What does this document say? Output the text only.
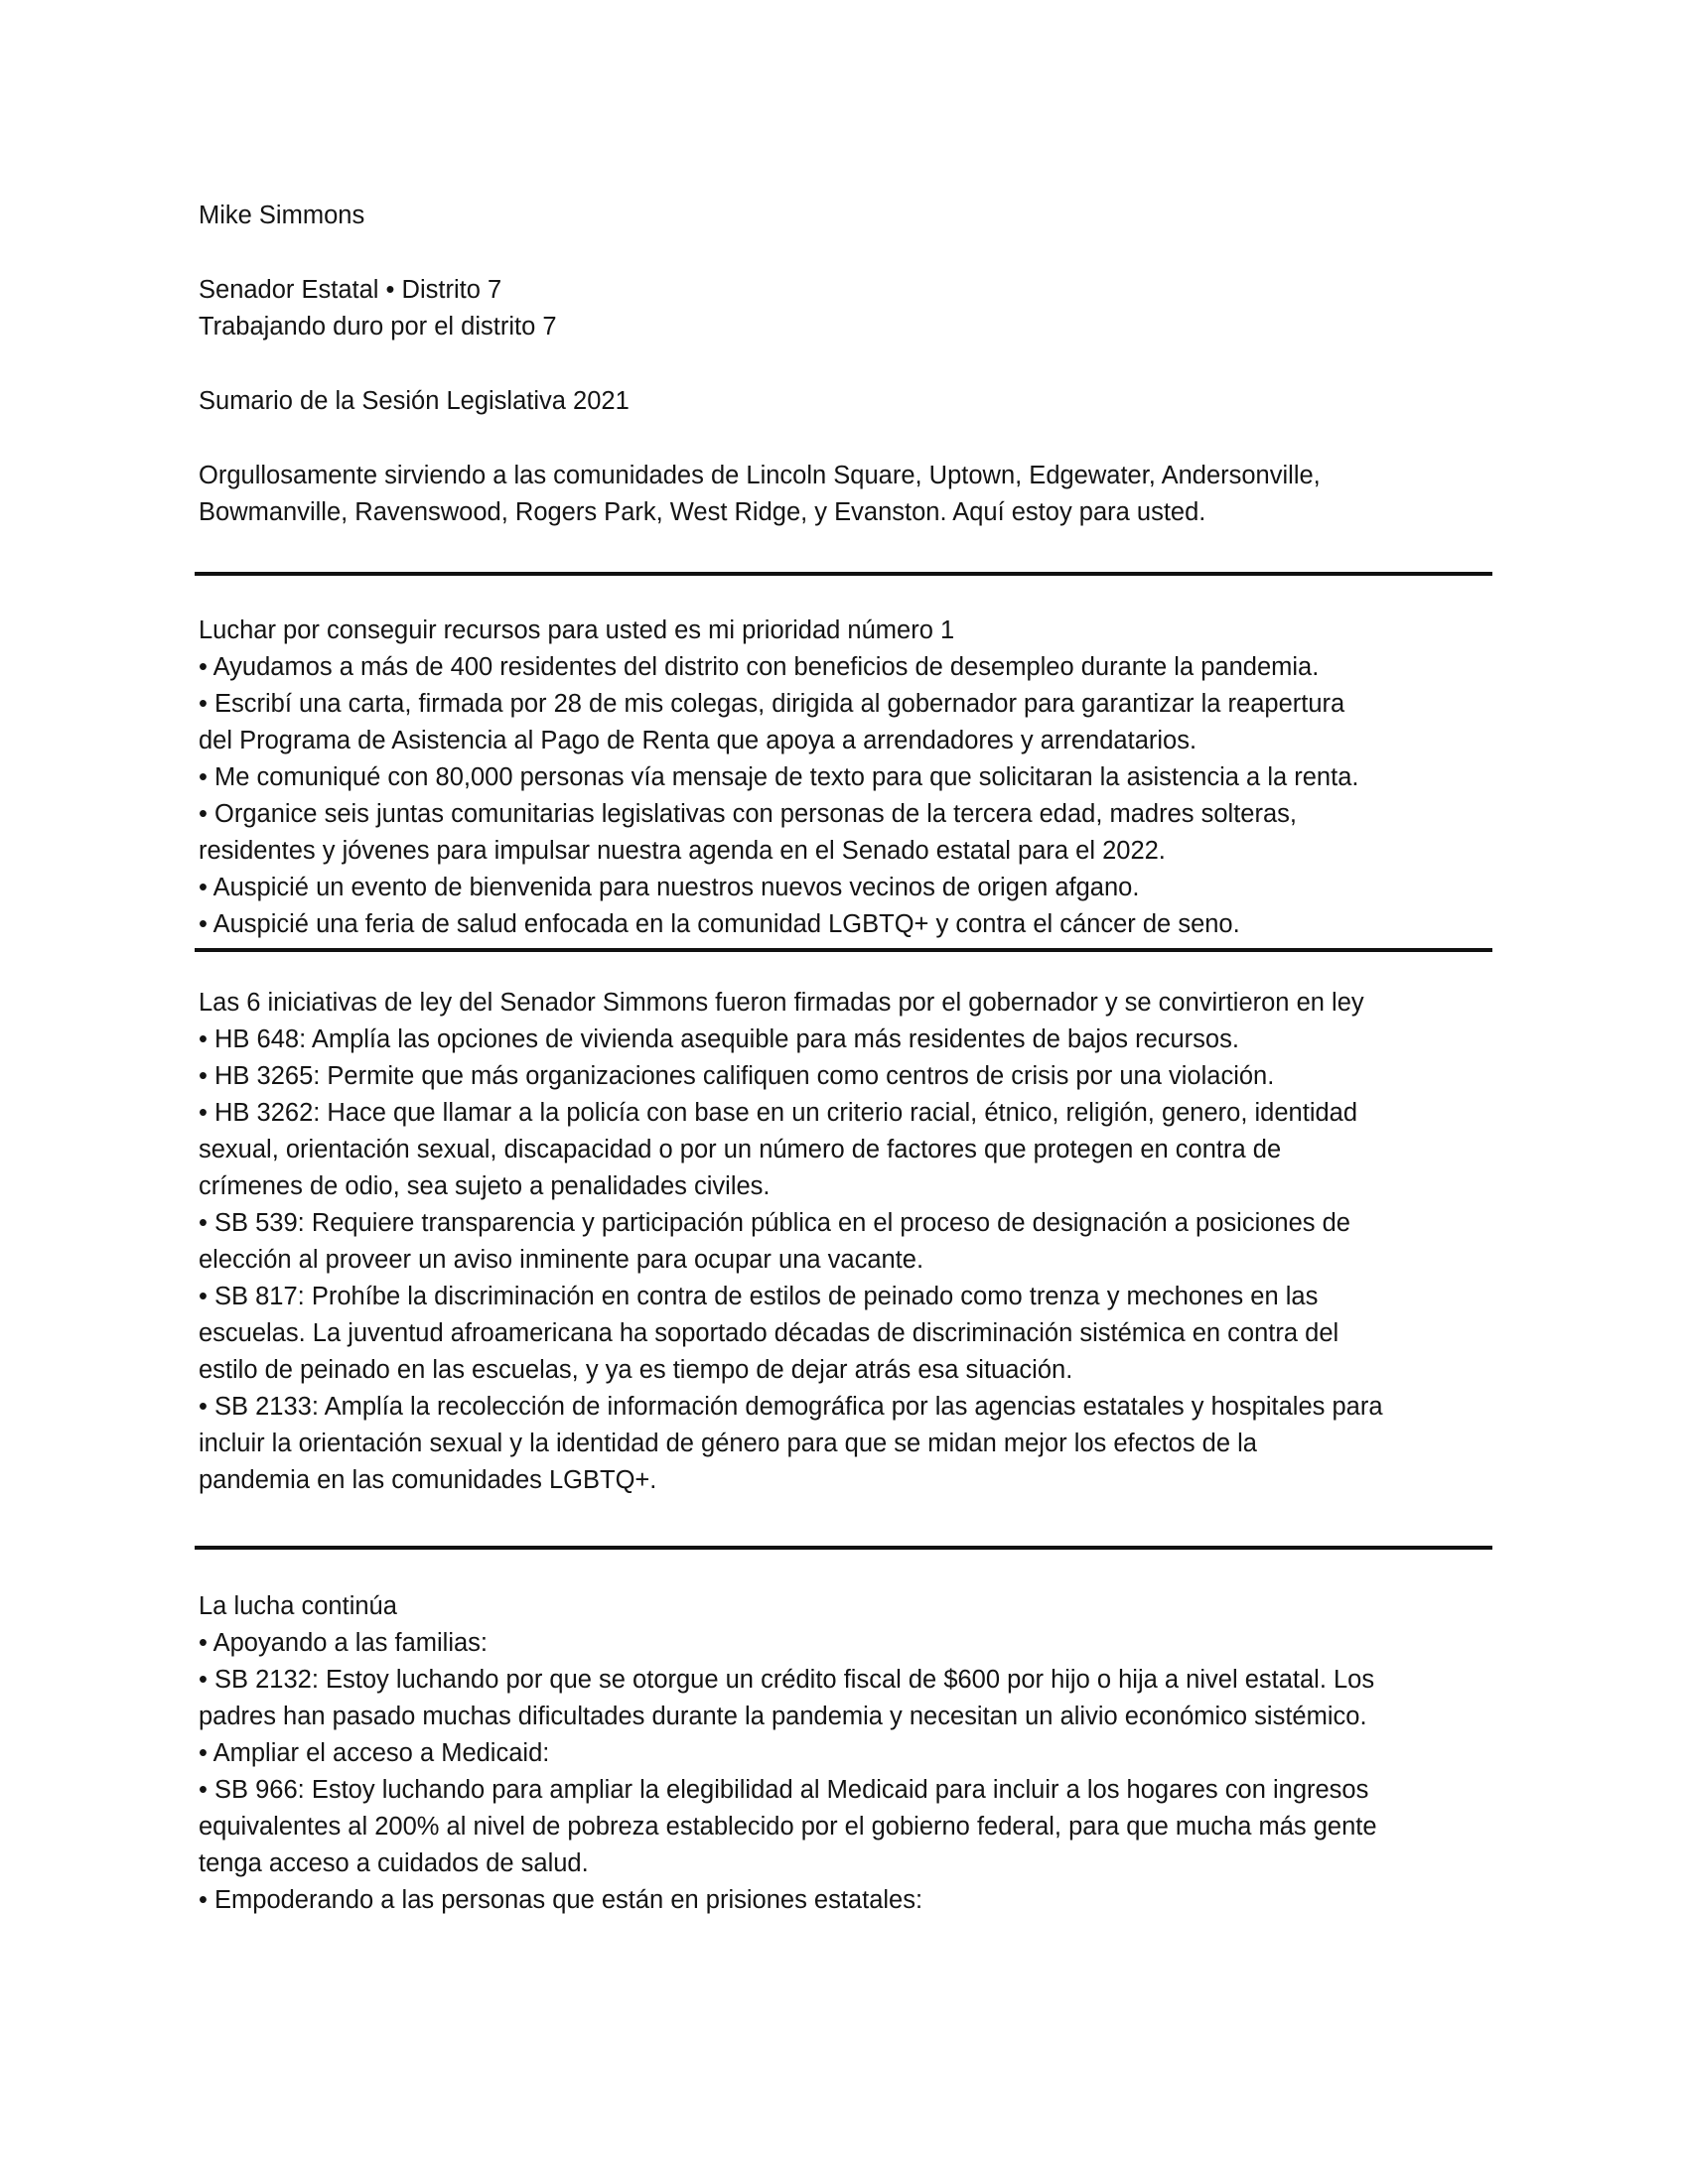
Mike Simmons
Senador Estatal • Distrito 7
Trabajando duro por el distrito 7
Sumario de la Sesión Legislativa 2021
Orgullosamente sirviendo a las comunidades de Lincoln Square, Uptown, Edgewater, Andersonville,
Bowmanville, Ravenswood, Rogers Park, West Ridge, y Evanston. Aquí estoy para usted.
Luchar por conseguir recursos para usted es mi prioridad número 1
• Ayudamos a más de 400 residentes del distrito con beneficios de desempleo durante la pandemia.
• Escribí una carta, firmada por 28 de mis colegas, dirigida al gobernador para garantizar la reapertura
del Programa de Asistencia al Pago de Renta que apoya a arrendadores y arrendatarios.
• Me comuniqué con 80,000 personas vía mensaje de texto para que solicitaran la asistencia a la renta.
• Organice seis juntas comunitarias legislativas con personas de la tercera edad, madres solteras,
residentes y jóvenes para impulsar nuestra agenda en el Senado estatal para el 2022.
• Auspicié un evento de bienvenida para nuestros nuevos vecinos de origen afgano.
• Auspicié una feria de salud enfocada en la comunidad LGBTQ+ y contra el cáncer de seno.
Las 6 iniciativas de ley del Senador Simmons fueron firmadas por el gobernador y se convirtieron en ley
• HB 648: Amplía las opciones de vivienda asequible para más residentes de bajos recursos.
• HB 3265: Permite que más organizaciones califiquen como centros de crisis por una violación.
• HB 3262: Hace que llamar a la policía con base en un criterio racial, étnico, religión, genero, identidad
sexual, orientación sexual, discapacidad o por un número de factores que protegen en contra de
crímenes de odio, sea sujeto a penalidades civiles.
• SB 539: Requiere transparencia y participación pública en el proceso de designación a posiciones de
elección al proveer un aviso inminente para ocupar una vacante.
• SB 817: Prohíbe la discriminación en contra de estilos de peinado como trenza y mechones en las
escuelas. La juventud afroamericana ha soportado décadas de discriminación sistémica en contra del
estilo de peinado en las escuelas, y ya es tiempo de dejar atrás esa situación.
• SB 2133: Amplía la recolección de información demográfica por las agencias estatales y hospitales para
incluir la orientación sexual y la identidad de género para que se midan mejor los efectos de la
pandemia en las comunidades LGBTQ+.
La lucha continúa
• Apoyando a las familias:
• SB 2132: Estoy luchando por que se otorgue un crédito fiscal de $600 por hijo o hija a nivel estatal. Los
padres han pasado muchas dificultades durante la pandemia y necesitan un alivio económico sistémico.
• Ampliar el acceso a Medicaid:
• SB 966: Estoy luchando para ampliar la elegibilidad al Medicaid para incluir a los hogares con ingresos
equivalentes al 200% al nivel de pobreza establecido por el gobierno federal, para que mucha más gente
tenga acceso a cuidados de salud.
• Empoderando a las personas que están en prisiones estatales:
